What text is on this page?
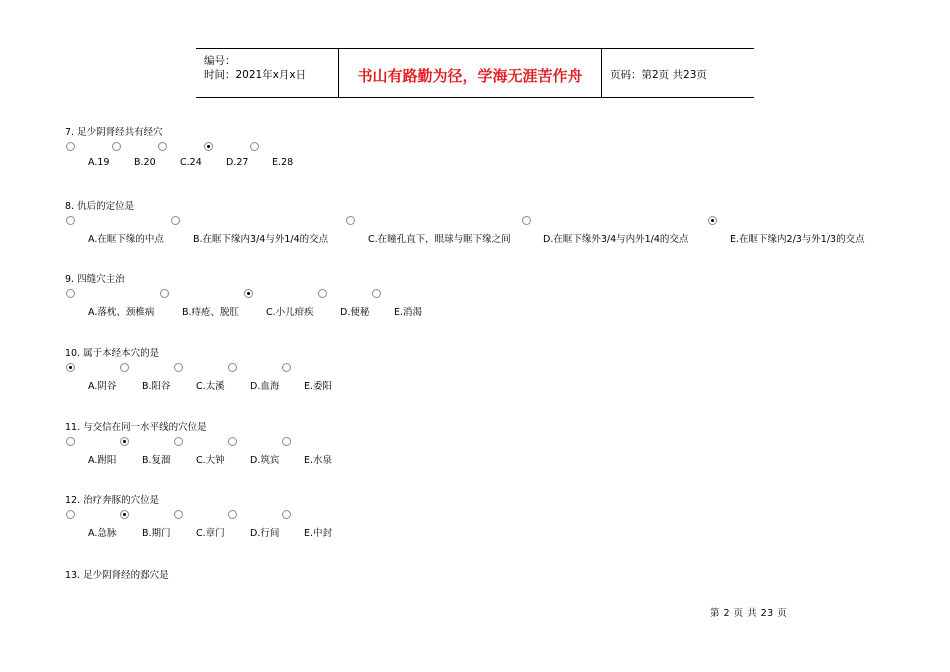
编号：
时间：2021年x月x日	书山有路勤为径，学海无涯苦作舟	页码：第2页 共23页
7. 足少阴肾经共有经穴
A.19	B.20	C.24	D.27 E.28
8. 仇后的定位是
A.在眶下缘的中点	B.在眶下缘内3/4与外1/4的交点	C.在瞳孔直下，眼球与眶下缘之间	D.在眶下缘外3/4与内外1/4的交点	E.在眶下缘内2/3与外1/3的交点
9. 四缝穴主治
A.落枕、颈椎病	B.痔疮、脱肛	C.小儿疳疾	D.便秘	E.消渴
10. 属于本经本穴的是
A.阴谷	B.阳谷	C.太溪	D.血海	E.委阳
11. 与交信在同一水平线的穴位是
A.跗阳	B.复溜	C.大钟	D.筑宾	E.水泉
12. 治疗奔豚的穴位是
A.急脉	B.期门	C.章门	D.行间	E.中封
13. 足少阴肾经的郄穴是
第 2 页 共 23 页
